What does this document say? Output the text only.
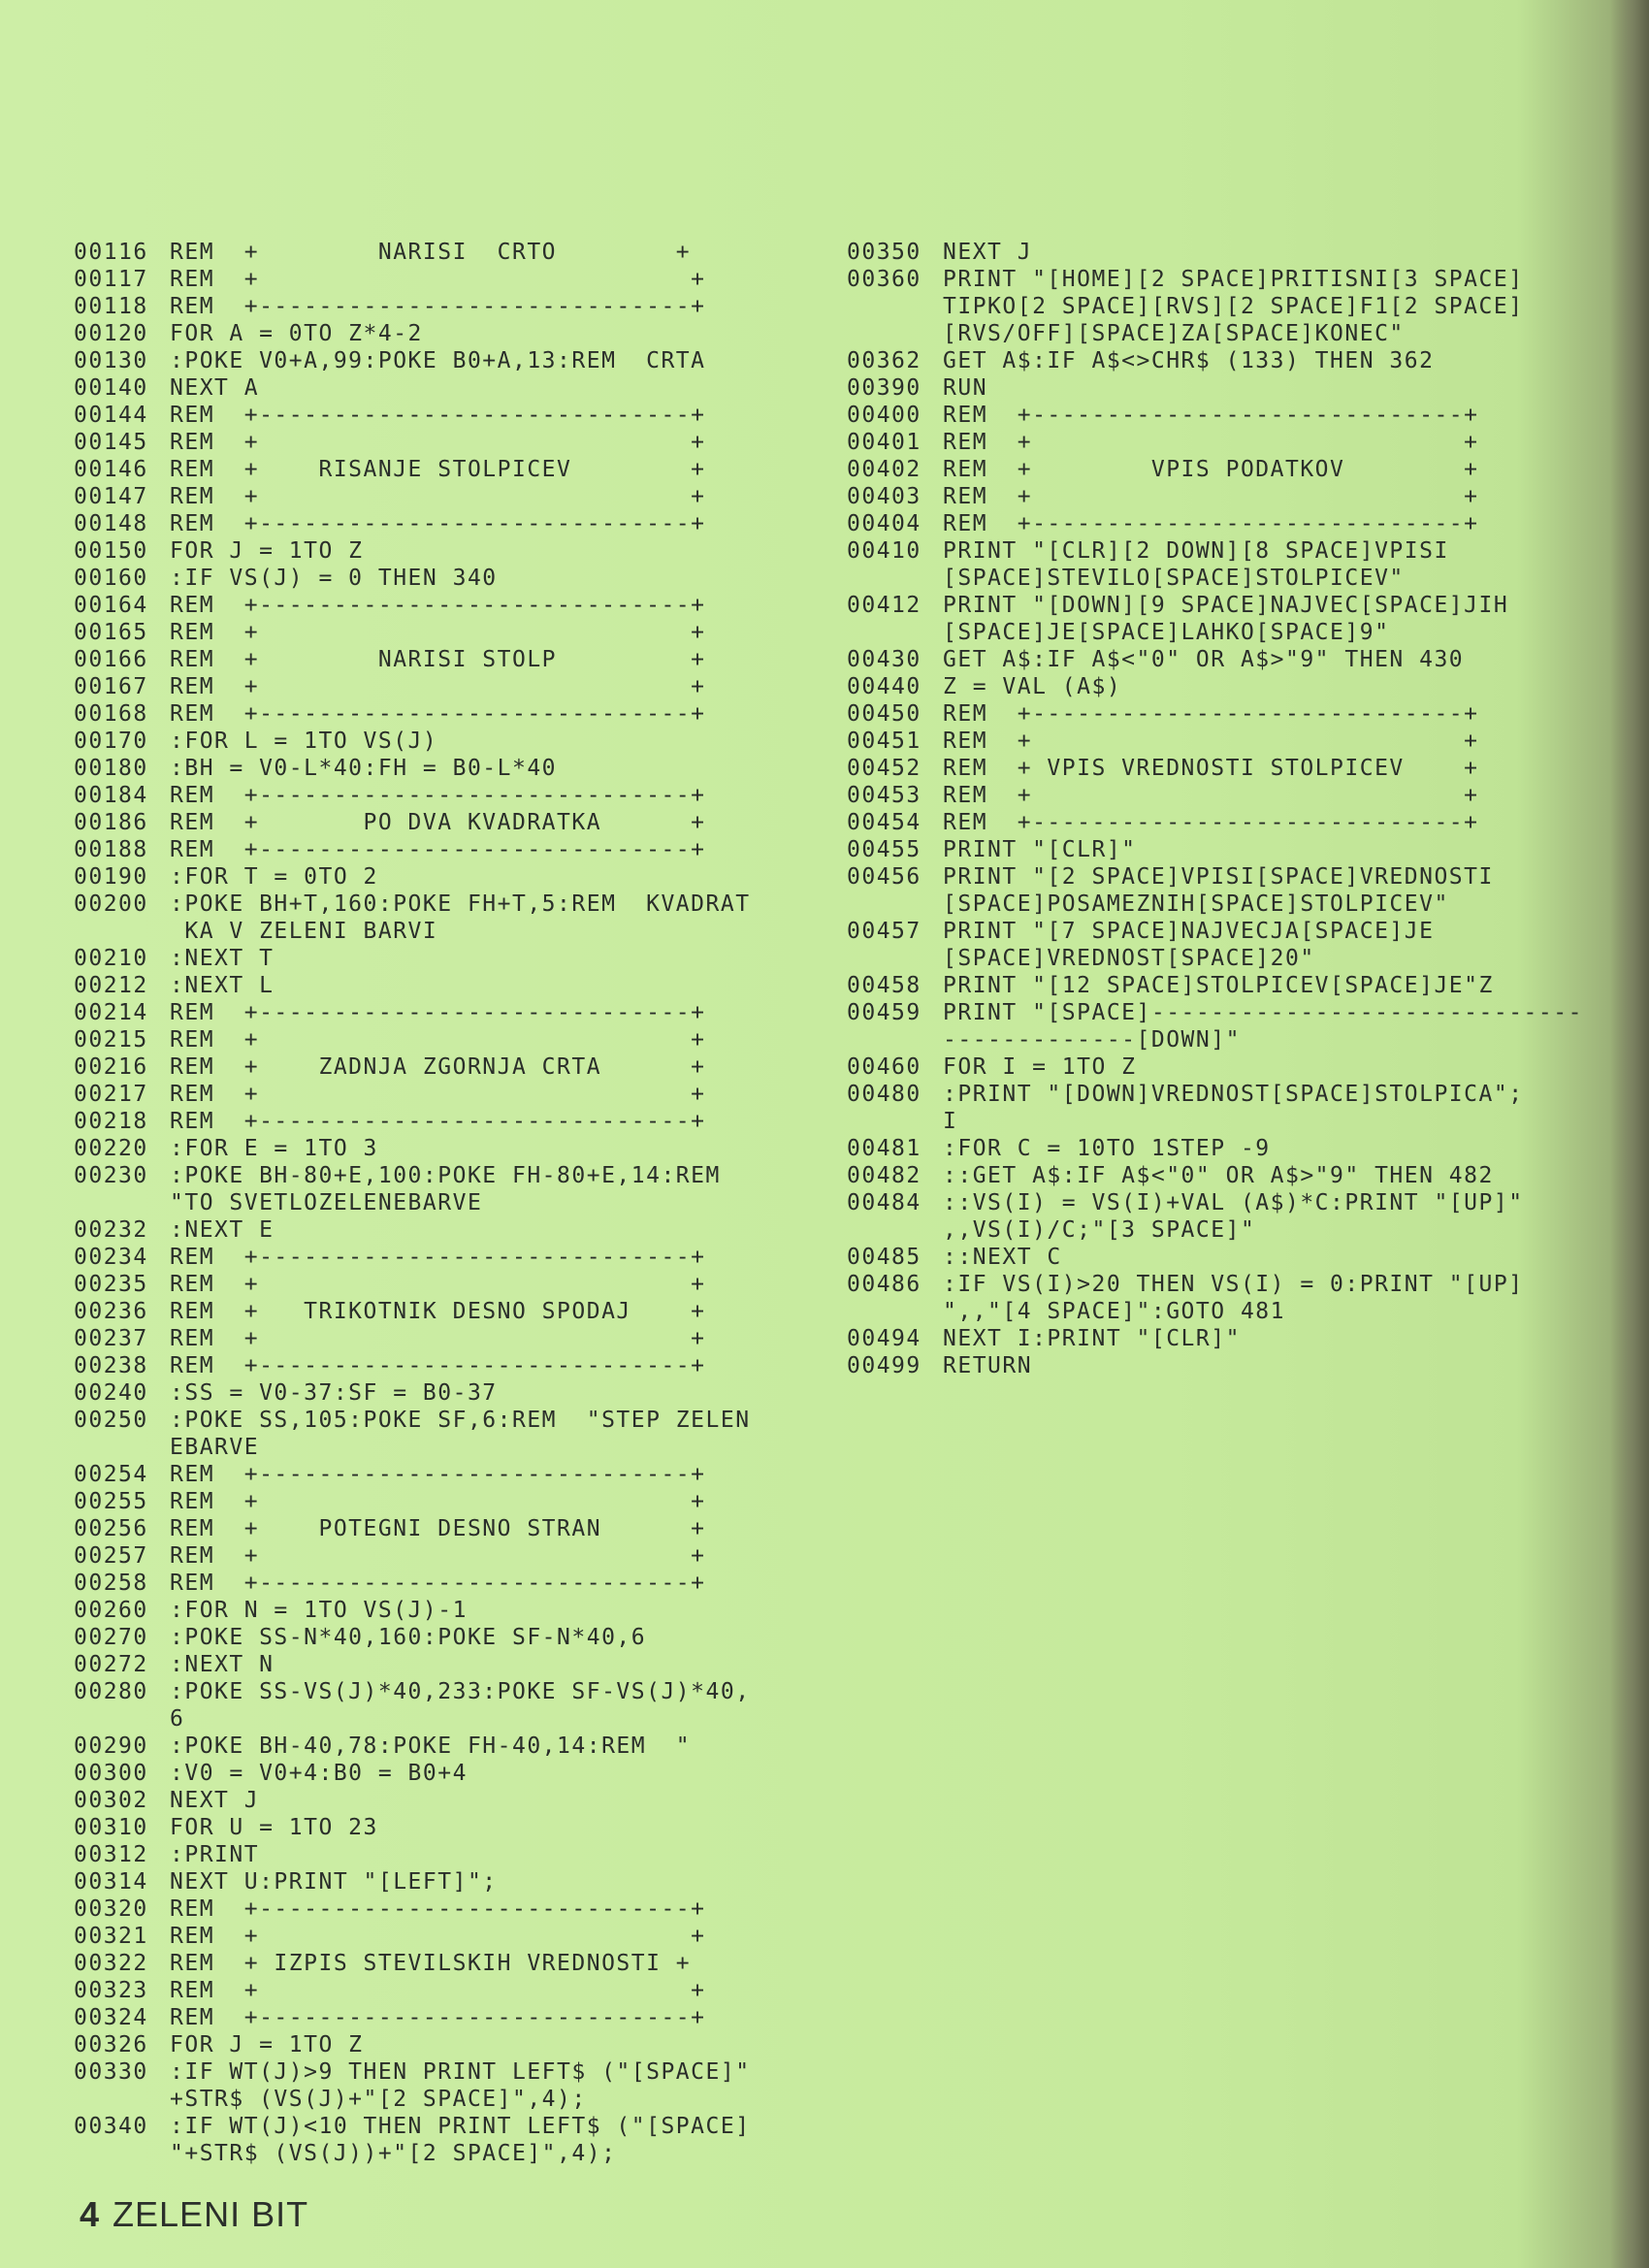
00116 REM  +        NARISI  CRTO        +
00117 REM  +                             +
00118 REM  +-----------------------------+
00120 FOR A = 0TO Z*4-2
00130 :POKE V0+A,99:POKE B0+A,13:REM  CRTA
00140 NEXT A
00144 REM  +-----------------------------+
00145 REM  +                             +
00146 REM  +    RISANJE STOLPICEV        +
00147 REM  +                             +
00148 REM  +-----------------------------+
00150 FOR J = 1TO Z
00160 :IF VS(J) = 0 THEN 340
00164 REM  +-----------------------------+
00165 REM  +                             +
00166 REM  +        NARISI STOLP         +
00167 REM  +                             +
00168 REM  +-----------------------------+
00170 :FOR L = 1TO VS(J)
00180 :BH = V0-L*40:FH = B0-L*40
00184 REM  +-----------------------------+
00186 REM  +       PO DVA KVADRATKA      +
00188 REM  +-----------------------------+
00190 :FOR T = 0TO 2
00200 :POKE BH+T,160:POKE FH+T,5:REM  KVADRAT
KA V ZELENI BARVI
00210 :NEXT T
00212 :NEXT L
00214 REM  +-----------------------------+
00215 REM  +                             +
00216 REM  +    ZADNJA ZGORNJA CRTA      +
00217 REM  +                             +
00218 REM  +-----------------------------+
00220 :FOR E = 1TO 3
00230 :POKE BH-80+E,100:POKE FH-80+E,14:REM
"TO SVETLOZELENEBARVE
00232 :NEXT E
00234 REM  +-----------------------------+
00235 REM  +                             +
00236 REM  +   TRIKOTNIK DESNO SPODAJ    +
00237 REM  +                             +
00238 REM  +-----------------------------+
00240 :SS = V0-37:SF = B0-37
00250 :POKE SS,105:POKE SF,6:REM  "STEP ZELEN
EBARVE
00254 REM  +-----------------------------+
00255 REM  +                             +
00256 REM  +    POTEGNI DESNO STRAN      +
00257 REM  +                             +
00258 REM  +-----------------------------+
00260 :FOR N = 1TO VS(J)-1
00270 :POKE SS-N*40,160:POKE SF-N*40,6
00272 :NEXT N
00280 :POKE SS-VS(J)*40,233:POKE SF-VS(J)*40,
6
00290 :POKE BH-40,78:POKE FH-40,14:REM  "
00300 :V0 = V0+4:B0 = B0+4
00302 NEXT J
00310 FOR U = 1TO 23
00312 :PRINT
00314 NEXT U:PRINT "[LEFT]";
00320 REM  +-----------------------------+
00321 REM  +                             +
00322 REM  + IZPIS STEVILSKIH VREDNOSTI +
00323 REM  +                             +
00324 REM  +-----------------------------+
00326 FOR J = 1TO Z
00330 :IF WT(J)>9 THEN PRINT LEFT$ ("[SPACE]"
+STR$ (VS(J)+"[2 SPACE]",4);
00340 :IF WT(J)<10 THEN PRINT LEFT$ ("[SPACE]
"+STR$ (VS(J))+"[2 SPACE]",4);
00350 NEXT J
00360 PRINT "[HOME][2 SPACE]PRITISNI[3 SPACE]
TIPKO[2 SPACE][RVS][2 SPACE]F1[2 SPACE]
[RVS/OFF][SPACE]ZA[SPACE]KONEC"
00362 GET A$:IF A$<>CHR$ (133) THEN 362
00390 RUN
00400 REM  +-----------------------------+
00401 REM  +                             +
00402 REM  +        VPIS PODATKOV        +
00403 REM  +                             +
00404 REM  +-----------------------------+
00410 PRINT "[CLR][2 DOWN][8 SPACE]VPISI
[SPACE]STEVILO[SPACE]STOLPICEV"
00412 PRINT "[DOWN][9 SPACE]NAJVEC[SPACE]JIH
[SPACE]JE[SPACE]LAHKO[SPACE]9"
00430 GET A$:IF A$<"0" OR A$>"9" THEN 430
00440 Z = VAL (A$)
00450 REM  +-----------------------------+
00451 REM  +                             +
00452 REM  + VPIS VREDNOSTI STOLPICEV    +
00453 REM  +                             +
00454 REM  +-----------------------------+
00455 PRINT "[CLR]"
00456 PRINT "[2 SPACE]VPISI[SPACE]VREDNOSTI
[SPACE]POSAMEZNIH[SPACE]STOLPICEV"
00457 PRINT "[7 SPACE]NAJVECJA[SPACE]JE
[SPACE]VREDNOST[SPACE]20"
00458 PRINT "[12 SPACE]STOLPICEV[SPACE]JE"Z
00459 PRINT "[SPACE]-----------------------------
-------------[DOWN]"
00460 FOR I = 1TO Z
00480 :PRINT "[DOWN]VREDNOST[SPACE]STOLPICA";
I
00481 :FOR C = 10TO 1STEP -9
00482 ::GET A$:IF A$<"0" OR A$>"9" THEN 482
00484 ::VS(I) = VS(I)+VAL (A$)*C:PRINT "[UP]"
,,VS(I)/C;"[3 SPACE]"
00485 ::NEXT C
00486 :IF VS(I)>20 THEN VS(I) = 0:PRINT "[UP]
",,"[4 SPACE]":GOTO 481
00494 NEXT I:PRINT "[CLR]"
00499 RETURN
4 ZELENI BIT
